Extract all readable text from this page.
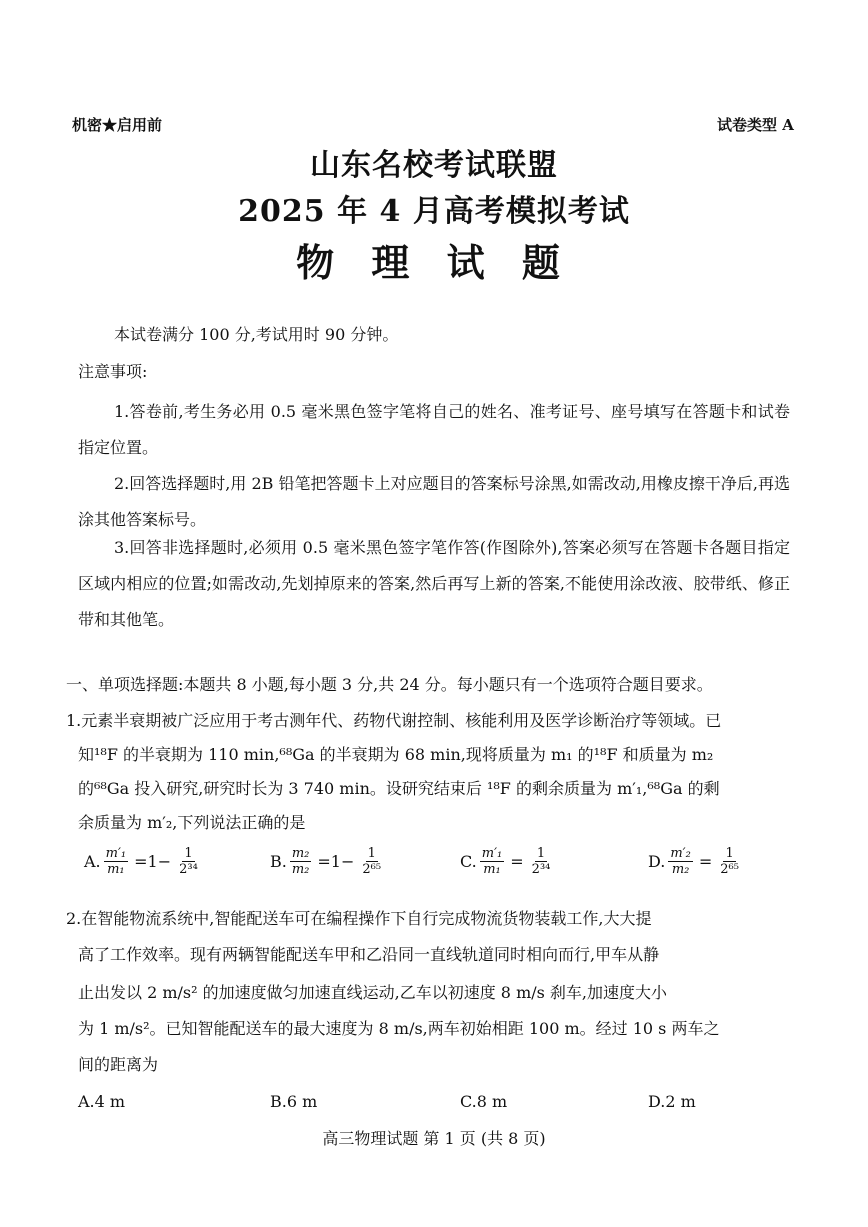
机密★启用前	试卷类型 A
山东名校考试联盟
2025 年 4 月高考模拟考试
物 理 试 题
本试卷满分 100 分,考试用时 90 分钟。
注意事项:
1.答卷前,考生务必用 0.5 毫米黑色签字笔将自己的姓名、准考证号、座号填写在答题卡和试卷指定位置。
2.回答选择题时,用 2B 铅笔把答题卡上对应题目的答案标号涂黑,如需改动,用橡皮擦干净后,再选涂其他答案标号。
3.回答非选择题时,必须用 0.5 毫米黑色签字笔作答(作图除外),答案必须写在答题卡各题目指定区域内相应的位置;如需改动,先划掉原来的答案,然后再写上新的答案,不能使用涂改液、胶带纸、修正带和其他笔。
一、单项选择题:本题共 8 小题,每小题 3 分,共 24 分。每小题只有一个选项符合题目要求。
1.元素半衰期被广泛应用于考古测年代、药物代谢控制、核能利用及医学诊断治疗等领域。已
知¹⁸F 的半衰期为 110 min,⁶⁸Ga 的半衰期为 68 min,现将质量为 m₁ 的¹⁸F 和质量为 m₂
的⁶⁸Ga 投入研究,研究时长为 3 740 min。设研究结束后 ¹⁸F 的剩余质量为 m′₁,⁶⁸Ga 的剩
余质量为 m′₂,下列说法正确的是
A. $\frac{\text{m′₁}}{\text{m₁}} =1- \frac{1}{\text{2³⁴}}$	B. $\frac{\text{m₂}}{\text{m₂}} =1- \frac{1}{\text{2⁶⁵}}$	C. $\frac{\text{m′₁}}{\text{m₁}} = \frac{1}{\text{2³⁴}}$	D. $\frac{\text{m′₂}}{\text{m₂}} = \frac{1}{\text{2⁶⁵}}$
2.在智能物流系统中,智能配送车可在编程操作下自行完成物流货物装载工作,大大提
高了工作效率。现有两辆智能配送车甲和乙沿同一直线轨道同时相向而行,甲车从静
止出发以 2 m/s² 的加速度做匀加速直线运动,乙车以初速度 8 m/s 刹车,加速度大小
为 1 m/s²。已知智能配送车的最大速度为 8 m/s,两车初始相距 100 m。经过 10 s 两车之
间的距离为
A.4 m	B.6 m	C.8 m	D.2 m
高三物理试题 第 1 页 (共 8 页)
